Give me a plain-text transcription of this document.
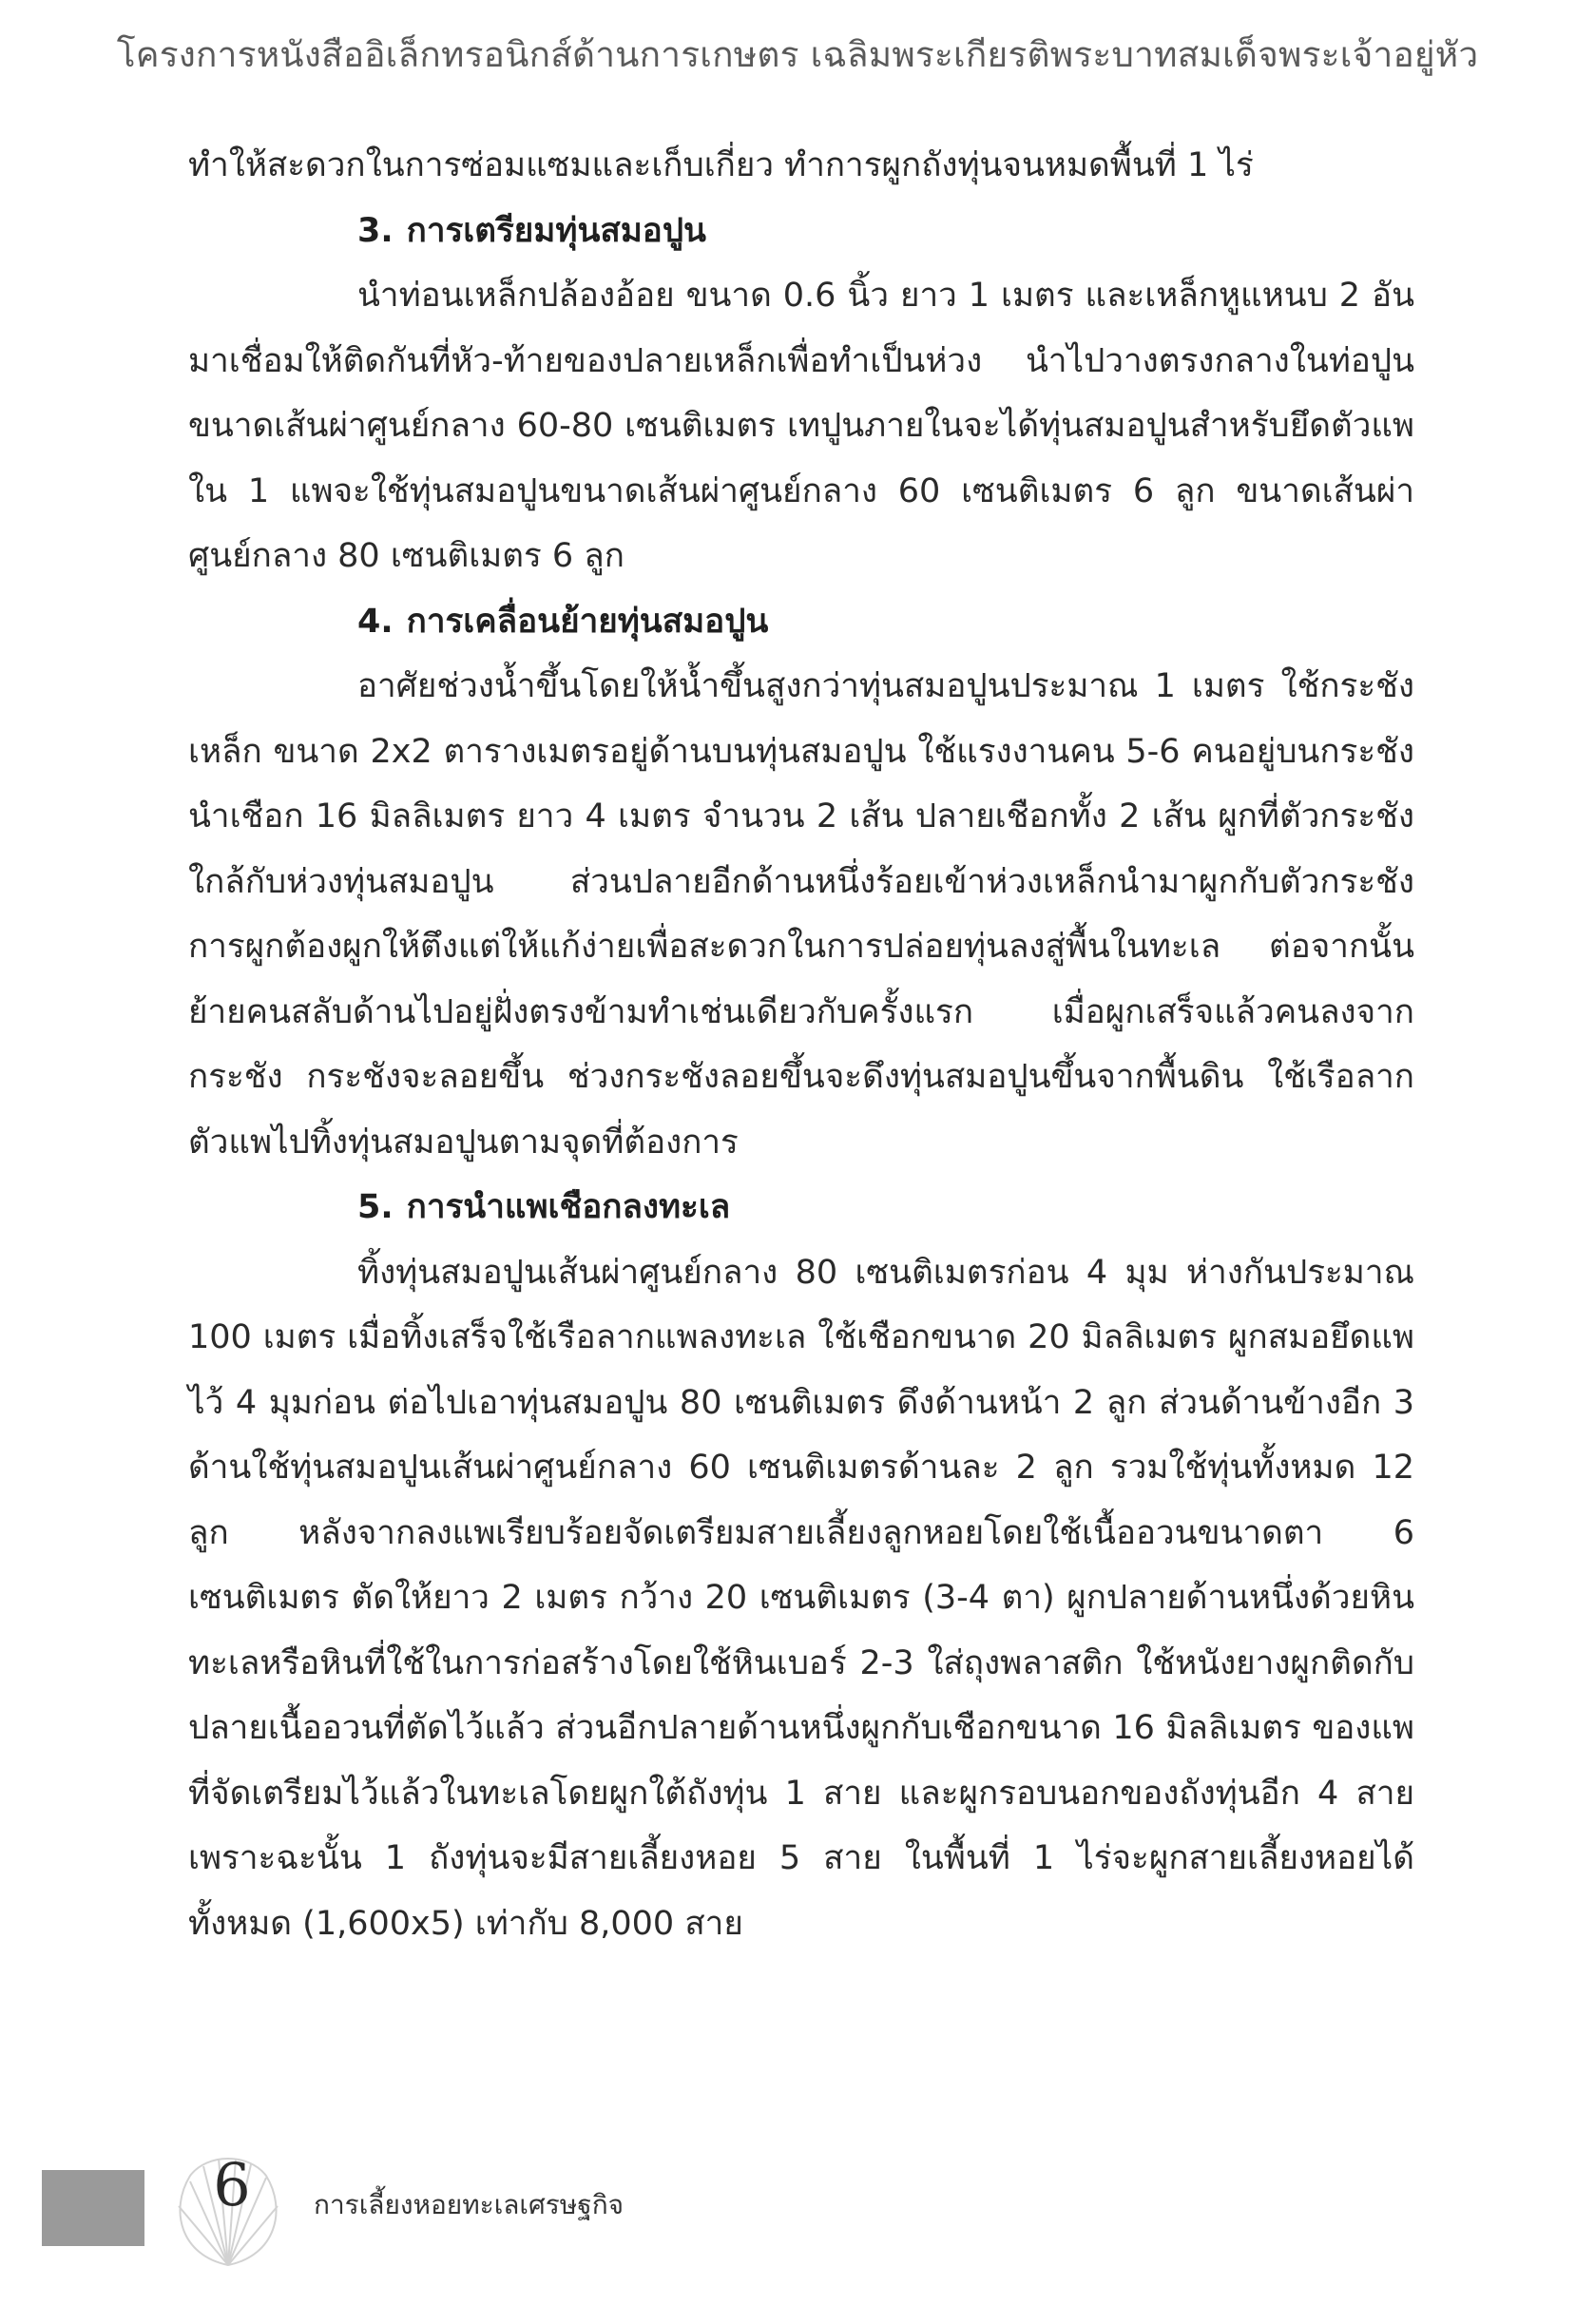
โครงการหนังสืออิเล็กทรอนิกส์ด้านการเกษตร เฉลิมพระเกียรติพระบาทสมเด็จพระเจ้าอยู่หัว
ทำให้สะดวกในการซ่อมแซมและเก็บเกี่ยว ทำการผูกถังทุ่นจนหมดพื้นที่ 1 ไร่
3. การเตรียมทุ่นสมอปูน
นำท่อนเหล็กปล้องอ้อย ขนาด 0.6 นิ้ว ยาว 1 เมตร และเหล็กหูแหนบ 2 อัน มาเชื่อมให้ติดกันที่หัว-ท้ายของปลายเหล็กเพื่อทำเป็นห่วง นำไปวางตรงกลางในท่อปูนขนาดเส้นผ่าศูนย์กลาง 60-80 เซนติเมตร เทปูนภายในจะได้ทุ่นสมอปูนสำหรับยึดตัวแพ ใน 1 แพจะใช้ทุ่นสมอปูนขนาดเส้นผ่าศูนย์กลาง 60 เซนติเมตร 6 ลูก ขนาดเส้นผ่าศูนย์กลาง 80 เซนติเมตร 6 ลูก
4. การเคลื่อนย้ายทุ่นสมอปูน
อาศัยช่วงน้ำขึ้นโดยให้น้ำขึ้นสูงกว่าทุ่นสมอปูนประมาณ 1 เมตร ใช้กระชังเหล็ก ขนาด 2x2 ตารางเมตรอยู่ด้านบนทุ่นสมอปูน ใช้แรงงานคน 5-6 คนอยู่บนกระชัง นำเชือก 16 มิลลิเมตร ยาว 4 เมตร จำนวน 2 เส้น ปลายเชือกทั้ง 2 เส้น ผูกที่ตัวกระชังใกล้กับห่วงทุ่นสมอปูน ส่วนปลายอีกด้านหนึ่งร้อยเข้าห่วงเหล็กนำมาผูกกับตัวกระชัง การผูกต้องผูกให้ตึงแต่ให้แก้ง่ายเพื่อสะดวกในการปล่อยทุ่นลงสู่พื้นในทะเล ต่อจากนั้นย้ายคนสลับด้านไปอยู่ฝั่งตรงข้ามทำเช่นเดียวกับครั้งแรก เมื่อผูกเสร็จแล้วคนลงจากกระชัง กระชังจะลอยขึ้น ช่วงกระชังลอยขึ้นจะดึงทุ่นสมอปูนขึ้นจากพื้นดิน ใช้เรือลากตัวแพไปทิ้งทุ่นสมอปูนตามจุดที่ต้องการ
5. การนำแพเชือกลงทะเล
ทิ้งทุ่นสมอปูนเส้นผ่าศูนย์กลาง 80 เซนติเมตรก่อน 4 มุม ห่างกันประมาณ 100 เมตร เมื่อทิ้งเสร็จใช้เรือลากแพลงทะเล ใช้เชือกขนาด 20 มิลลิเมตร ผูกสมอยึดแพไว้ 4 มุมก่อน ต่อไปเอาทุ่นสมอปูน 80 เซนติเมตร ดึงด้านหน้า 2 ลูก ส่วนด้านข้างอีก 3 ด้านใช้ทุ่นสมอปูนเส้นผ่าศูนย์กลาง 60 เซนติเมตรด้านละ 2 ลูก รวมใช้ทุ่นทั้งหมด 12 ลูก หลังจากลงแพเรียบร้อยจัดเตรียมสายเลี้ยงลูกหอยโดยใช้เนื้ออวนขนาดตา 6 เซนติเมตร ตัดให้ยาว 2 เมตร กว้าง 20 เซนติเมตร (3-4 ตา) ผูกปลายด้านหนึ่งด้วยหินทะเลหรือหินที่ใช้ในการก่อสร้างโดยใช้หินเบอร์ 2-3 ใส่ถุงพลาสติก ใช้หนังยางผูกติดกับปลายเนื้ออวนที่ตัดไว้แล้ว ส่วนอีกปลายด้านหนึ่งผูกกับเชือกขนาด 16 มิลลิเมตร ของแพที่จัดเตรียมไว้แล้วในทะเลโดยผูกใต้ถังทุ่น 1 สาย และผูกรอบนอกของถังทุ่นอีก 4 สาย เพราะฉะนั้น 1 ถังทุ่นจะมีสายเลี้ยงหอย 5 สาย ในพื้นที่ 1 ไร่จะผูกสายเลี้ยงหอยได้ทั้งหมด (1,600x5) เท่ากับ 8,000 สาย
6	การเลี้ยงหอยทะเลเศรษฐกิจ
